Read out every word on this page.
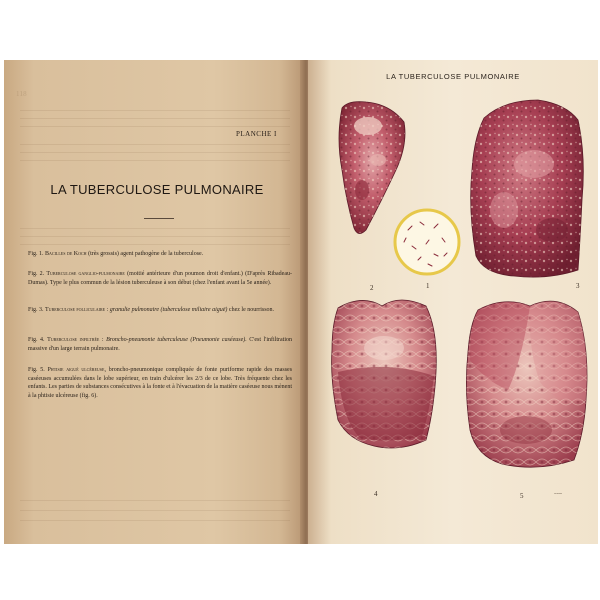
118
PLANCHE I
LA TUBERCULOSE PULMONAIRE
Fig. 1. Bacilles de Koch (très grossis) agent pathogène de la tuberculose.
Fig. 2. Tuberculose ganglio-pulmonaire (moitié antérieure d'un poumon droit d'enfant.) (D'après Ribadeau-Dumas). Type le plus commun de la lésion tuberculeuse à son début (chez l'enfant avant la 5e année).
Fig. 3. Tuberculose folliculaire : granulie pulmonaire (tuberculose miliaire aiguë) chez le nourrisson.
Fig. 4. Tuberculose infiltrée : Broncho-pneumonie tuberculeuse (Pneumonie caséeuse). C'est l'infiltration massive d'un large terrain pulmonaire.
Fig. 5. Phtisie aiguë ulcéreuse, broncho-pneumonique compliquée de fonte puriforme rapide des masses caséeuses accumulées dans le lobe supérieur, en train d'ulcérer les 2/3 de ce lobe. Très fréquente chez les enfants. Les parties de substances consécutives à la fonte et à l'évacuation de la matière caséeuse nous mènent à la phtisie ulcéreuse (fig. 6).
LA TUBERCULOSE PULMONAIRE
2	1	3
4	5	~~~
